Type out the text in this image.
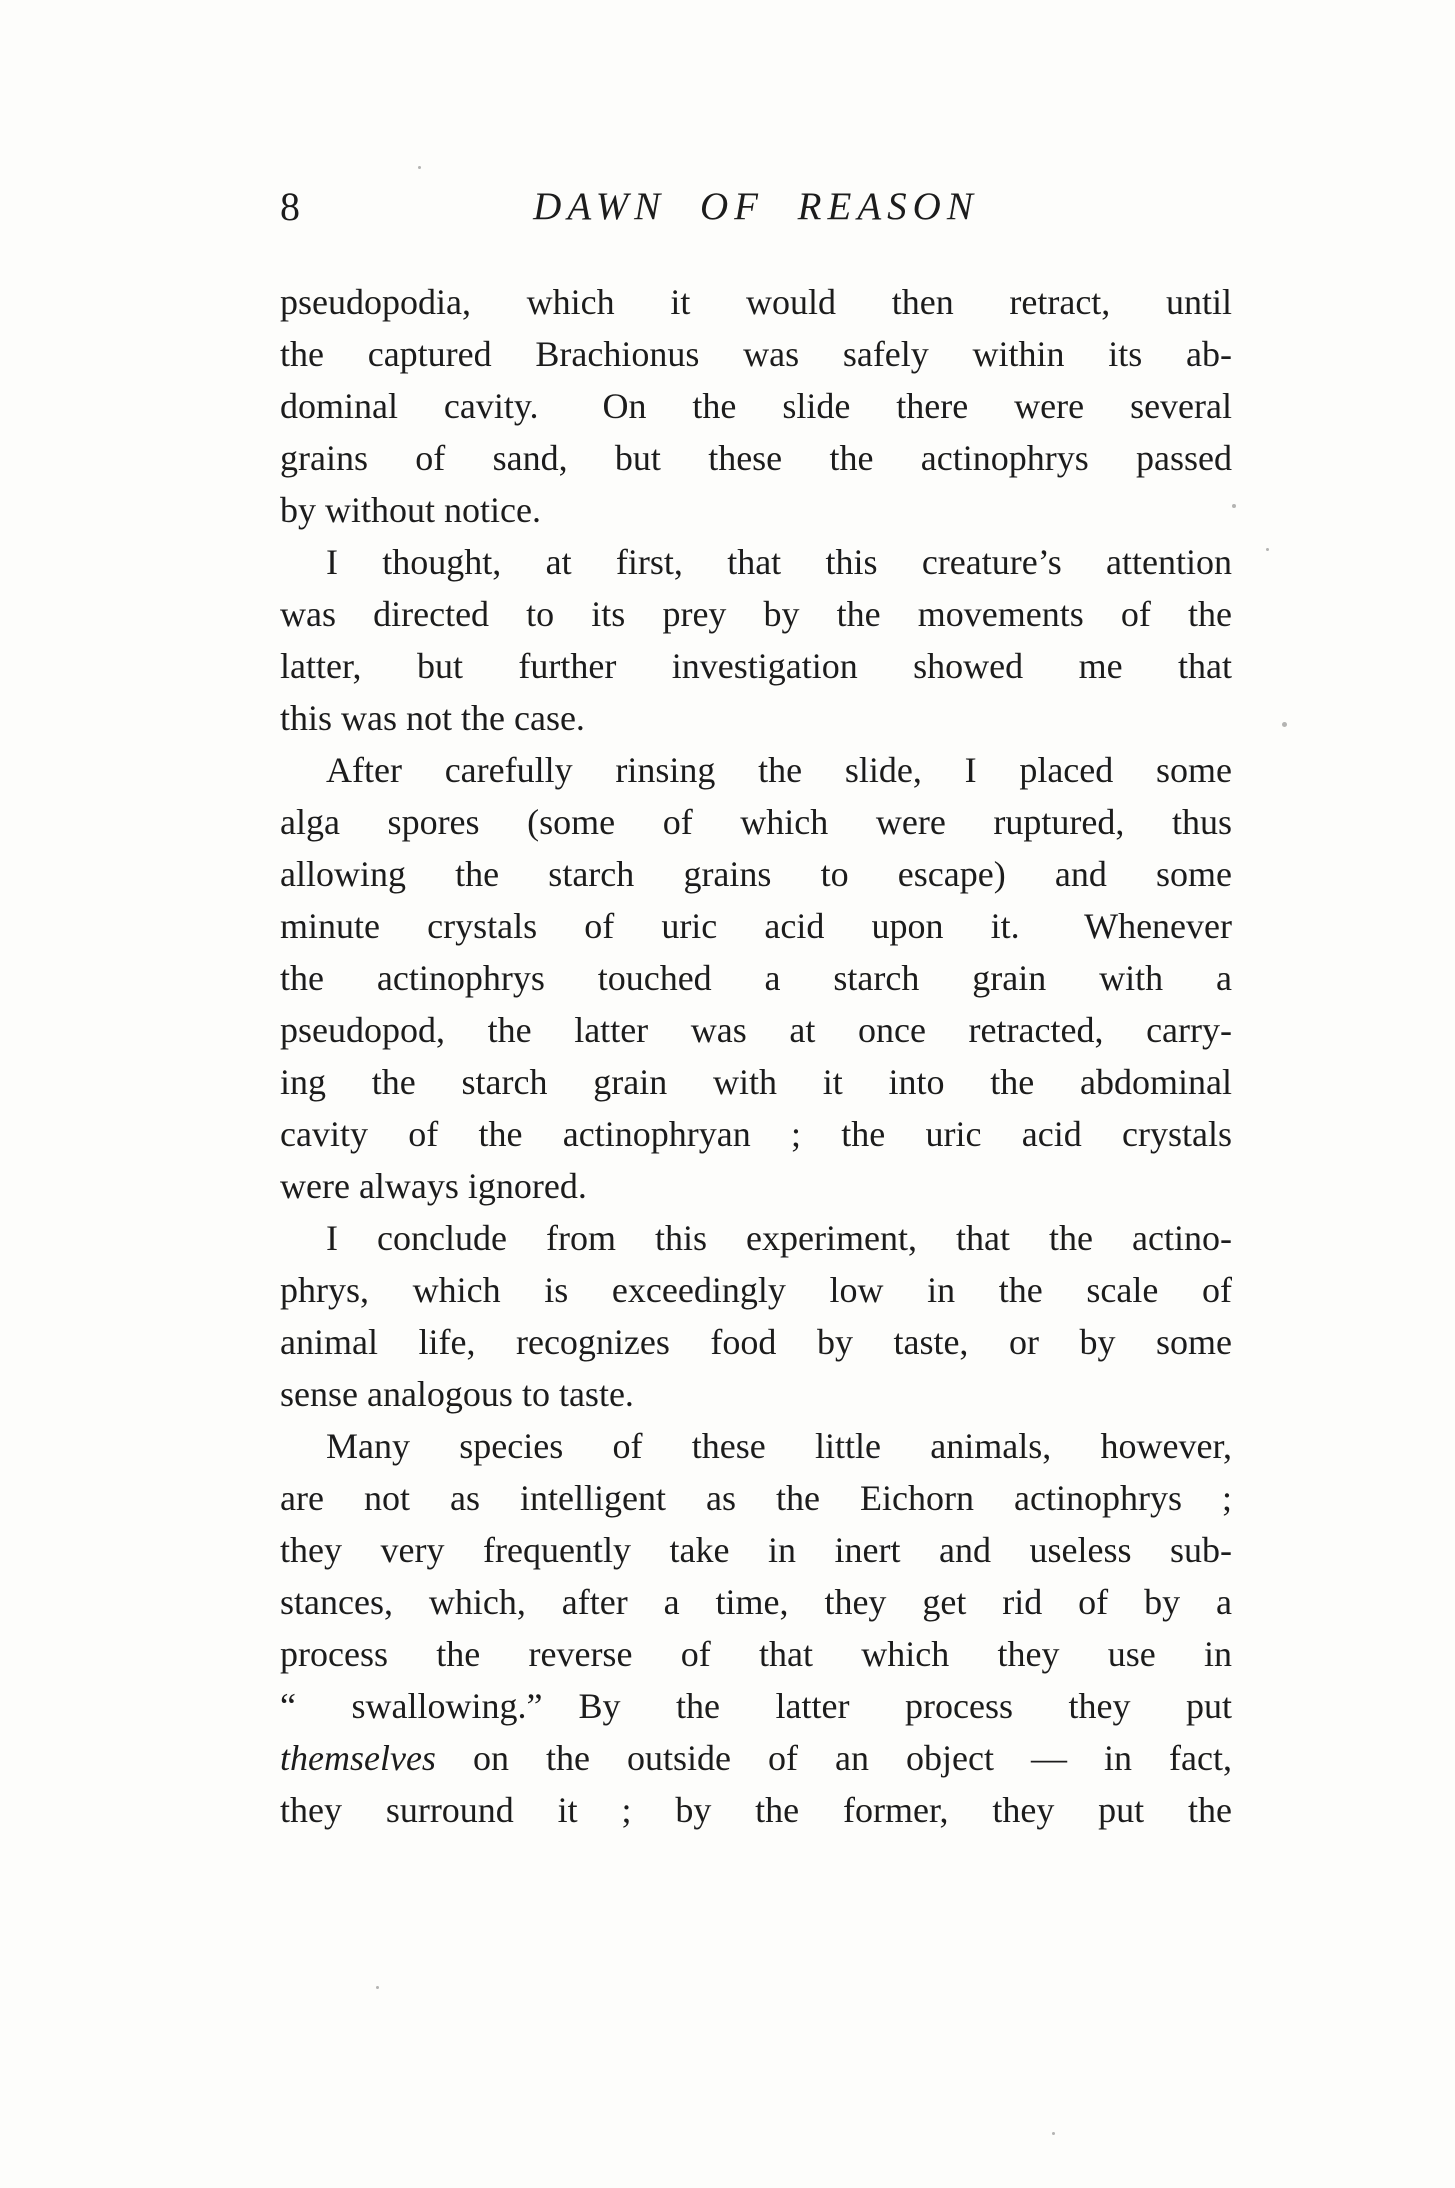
8	DAWN OF REASON
pseudopodia, which it would then retract, until
the captured Brachionus was safely within its ab-
dominal cavity.  On the slide there were several
grains of sand, but these the actinophrys passed
by without notice.
I thought, at first, that this creature’s attention
was directed to its prey by the movements of the
latter, but further investigation showed me that
this was not the case.
After carefully rinsing the slide, I placed some
alga spores (some of which were ruptured, thus
allowing the starch grains to escape) and some
minute crystals of uric acid upon it.  Whenever
the actinophrys touched a starch grain with a
pseudopod, the latter was at once retracted, carry-
ing the starch grain with it into the abdominal
cavity of the actinophryan ; the uric acid crystals
were always ignored.
I conclude from this experiment, that the actino-
phrys, which is exceedingly low in the scale of
animal life, recognizes food by taste, or by some
sense analogous to taste.
Many species of these little animals, however,
are not as intelligent as the Eichorn actinophrys ;
they very frequently take in inert and useless sub-
stances, which, after a time, they get rid of by a
process the reverse of that which they use in
“ swallowing.” By the latter process they put
themselves on the outside of an object — in fact,
they surround it ; by the former, they put the
